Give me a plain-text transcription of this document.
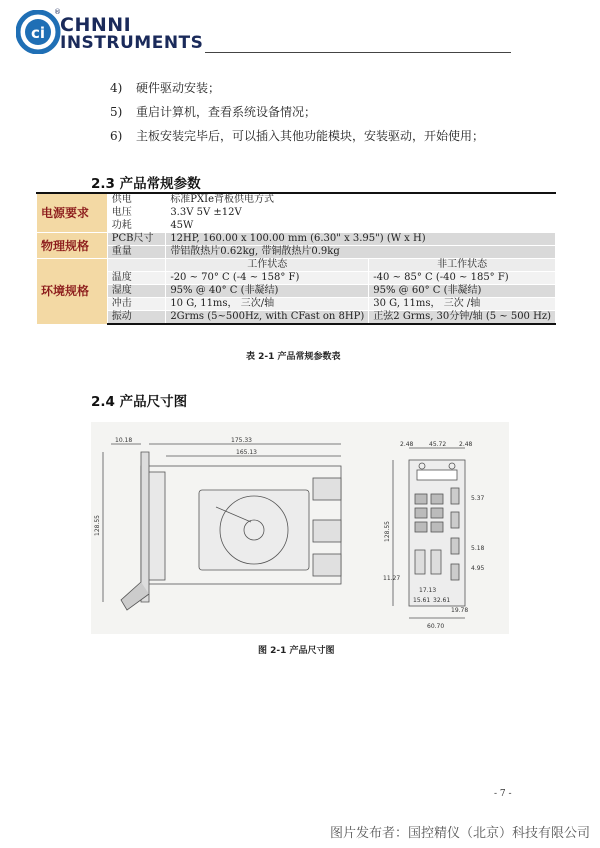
ci
®
CHNNI
INSTRUMENTS
4) 硬件驱动安装；
5) 重启计算机，查看系统设备情况；
6) 主板安装完毕后，可以插入其他功能模块，安装驱动，开始使用；
2.3 产品常规参数
电源要求	供电	标准PXIe背板供电方式	
	电压	3.3V 5V ±12V	
	功耗	45W	
物理规格	PCB尺寸	12HP, 160.00 x 100.00 mm (6.30" x 3.95") (W x H)	
	重量	带铝散热片0.62kg, 带铜散热片0.9kg	
环境规格		工作状态	非工作状态
	温度	-20 ~ 70° C (-4 ~ 158° F)	-40 ~ 85° C (-40 ~ 185° F)
	湿度	95% @ 40° C (非凝结)	95% @ 60° C (非凝结)
	冲击	10 G, 11ms， 三次/轴	30 G, 11ms， 三次 /轴
	振动	2Grms (5~500Hz, with CFast on 8HP)	正弦2 Grms, 30分钟/轴 (5 ~ 500 Hz)
表 2-1 产品常规参数表
2.4 产品尺寸图
10.18	175.33
165.13
128.55
2.48	45.72 2.48
128.55
5.37
5.18
4.95
11.27
19.78
60.70
17.13
15.61 32.61
图 2-1 产品尺寸图
- 7 -
图片发布者：国控精仪（北京）科技有限公司
